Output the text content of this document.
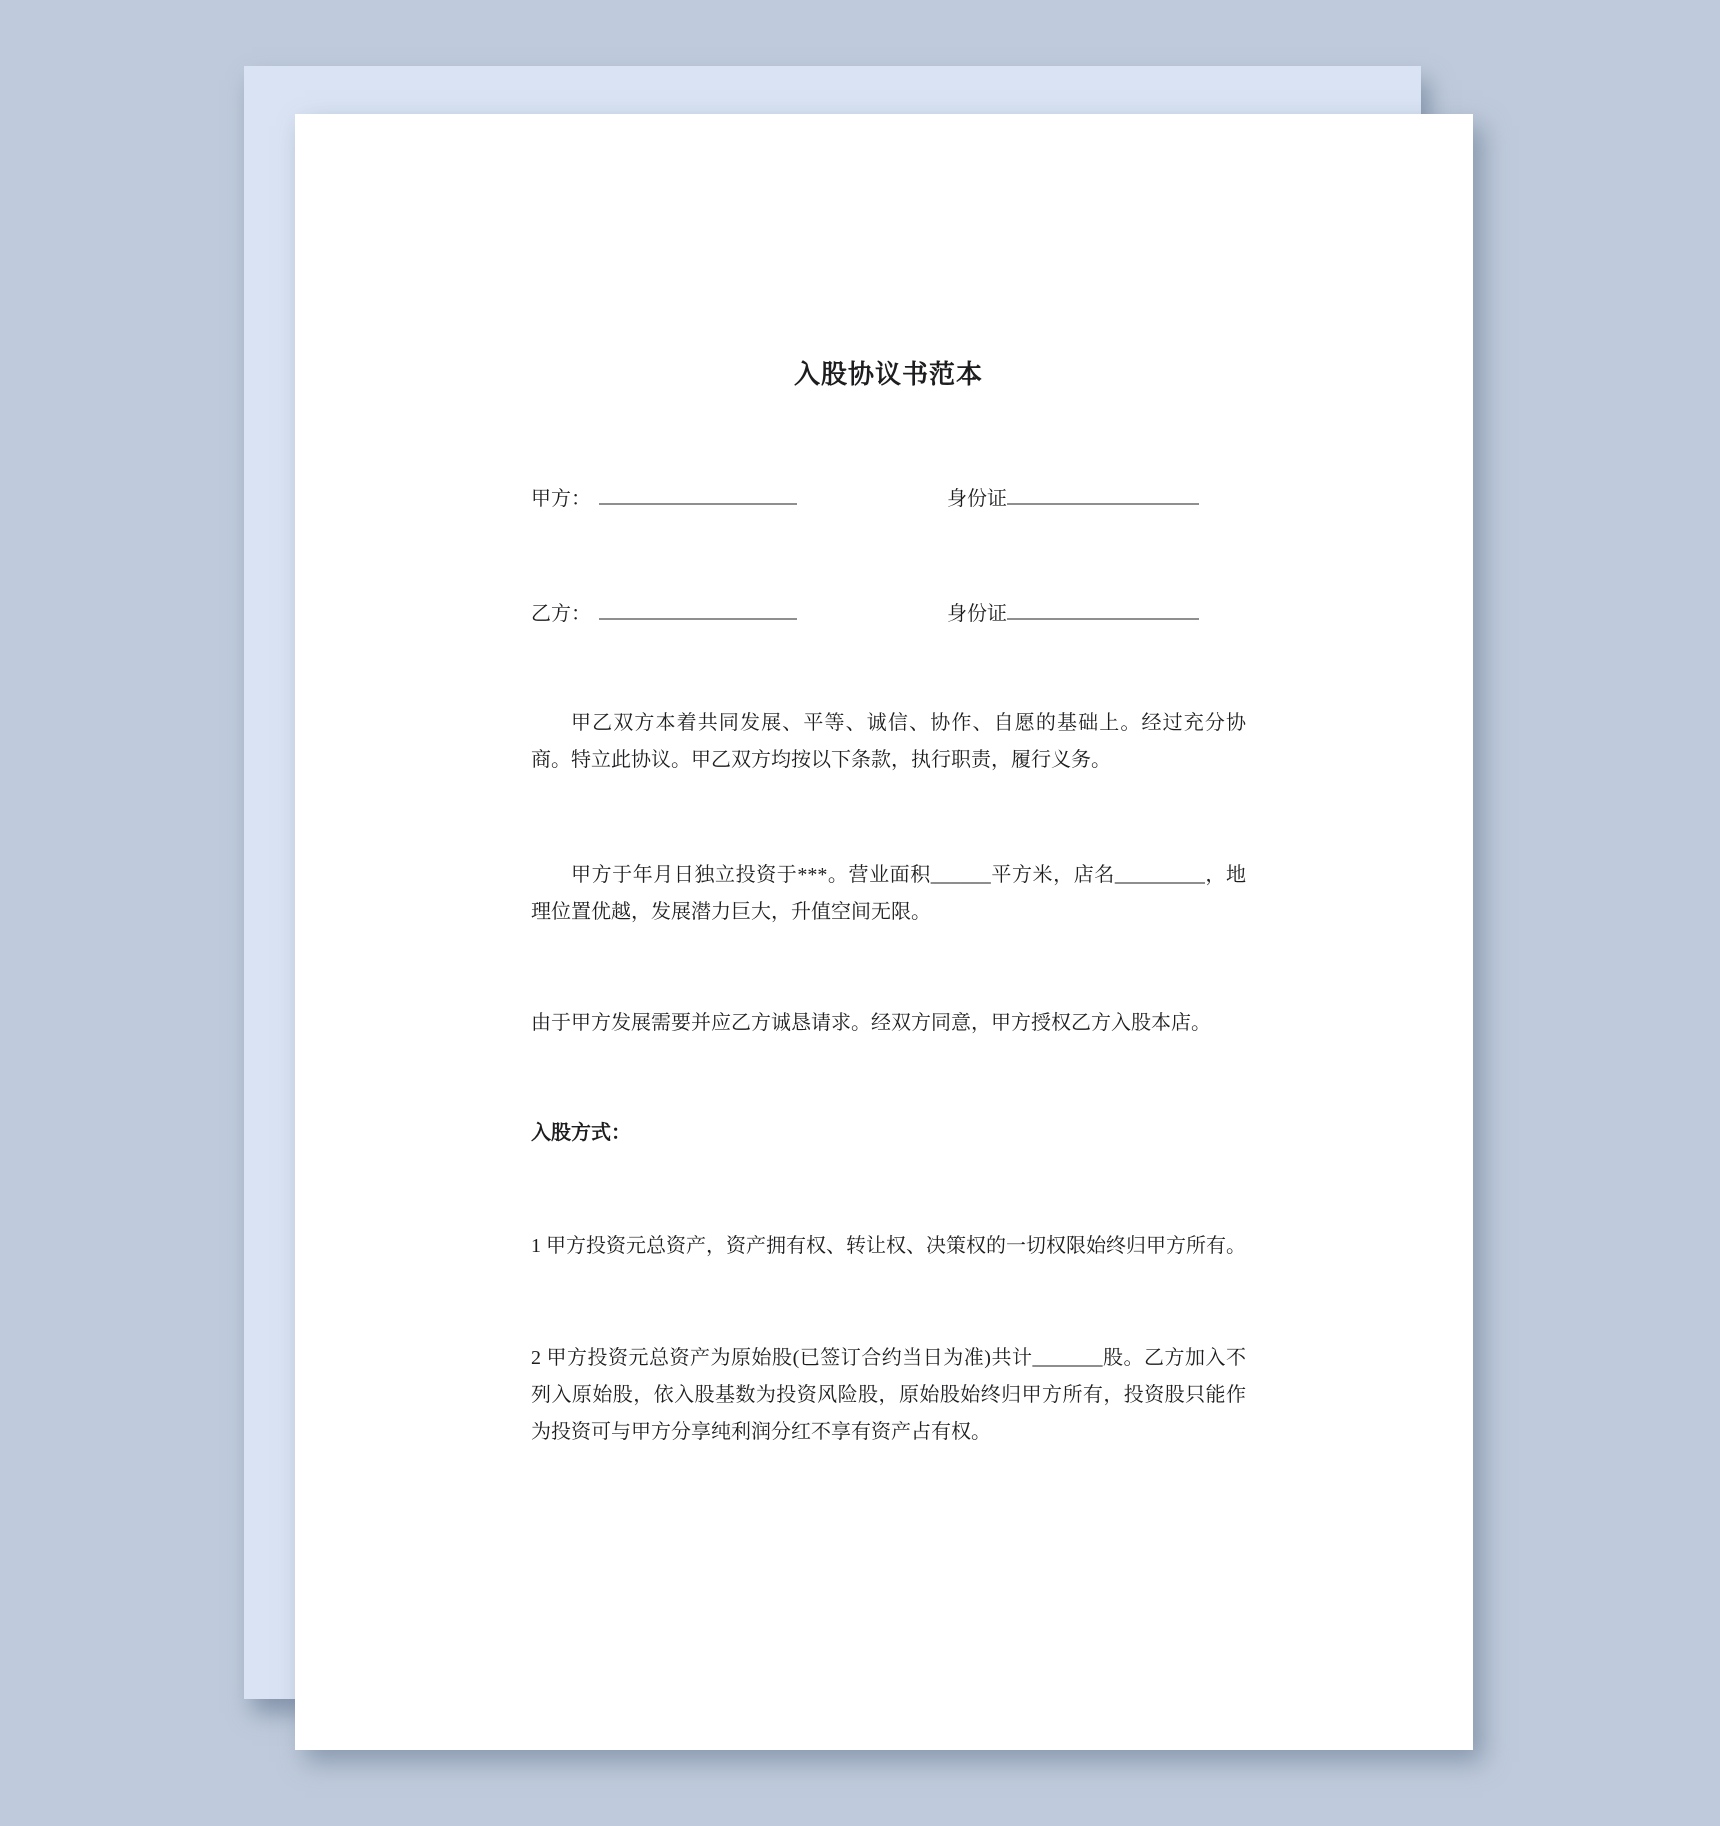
入股协议书范本
甲方：	身份证
乙方：	身份证

甲乙双方本着共同发展、平等、诚信、协作、自愿的基础上。经过充分协商。特立此协议。甲乙双方均按以下条款，执行职责，履行义务。

甲方于年月日独立投资于***。营业面积______平方米，店名_________，地理位置优越，发展潜力巨大，升值空间无限。

由于甲方发展需要并应乙方诚恳请求。经双方同意，甲方授权乙方入股本店。

入股方式：

1 甲方投资元总资产，资产拥有权、转让权、决策权的一切权限始终归甲方所有。

2 甲方投资元总资产为原始股(已签订合约当日为准)共计_______股。乙方加入不列入原始股，依入股基数为投资风险股，原始股始终归甲方所有，投资股只能作为投资可与甲方分享纯利润分红不享有资产占有权。
